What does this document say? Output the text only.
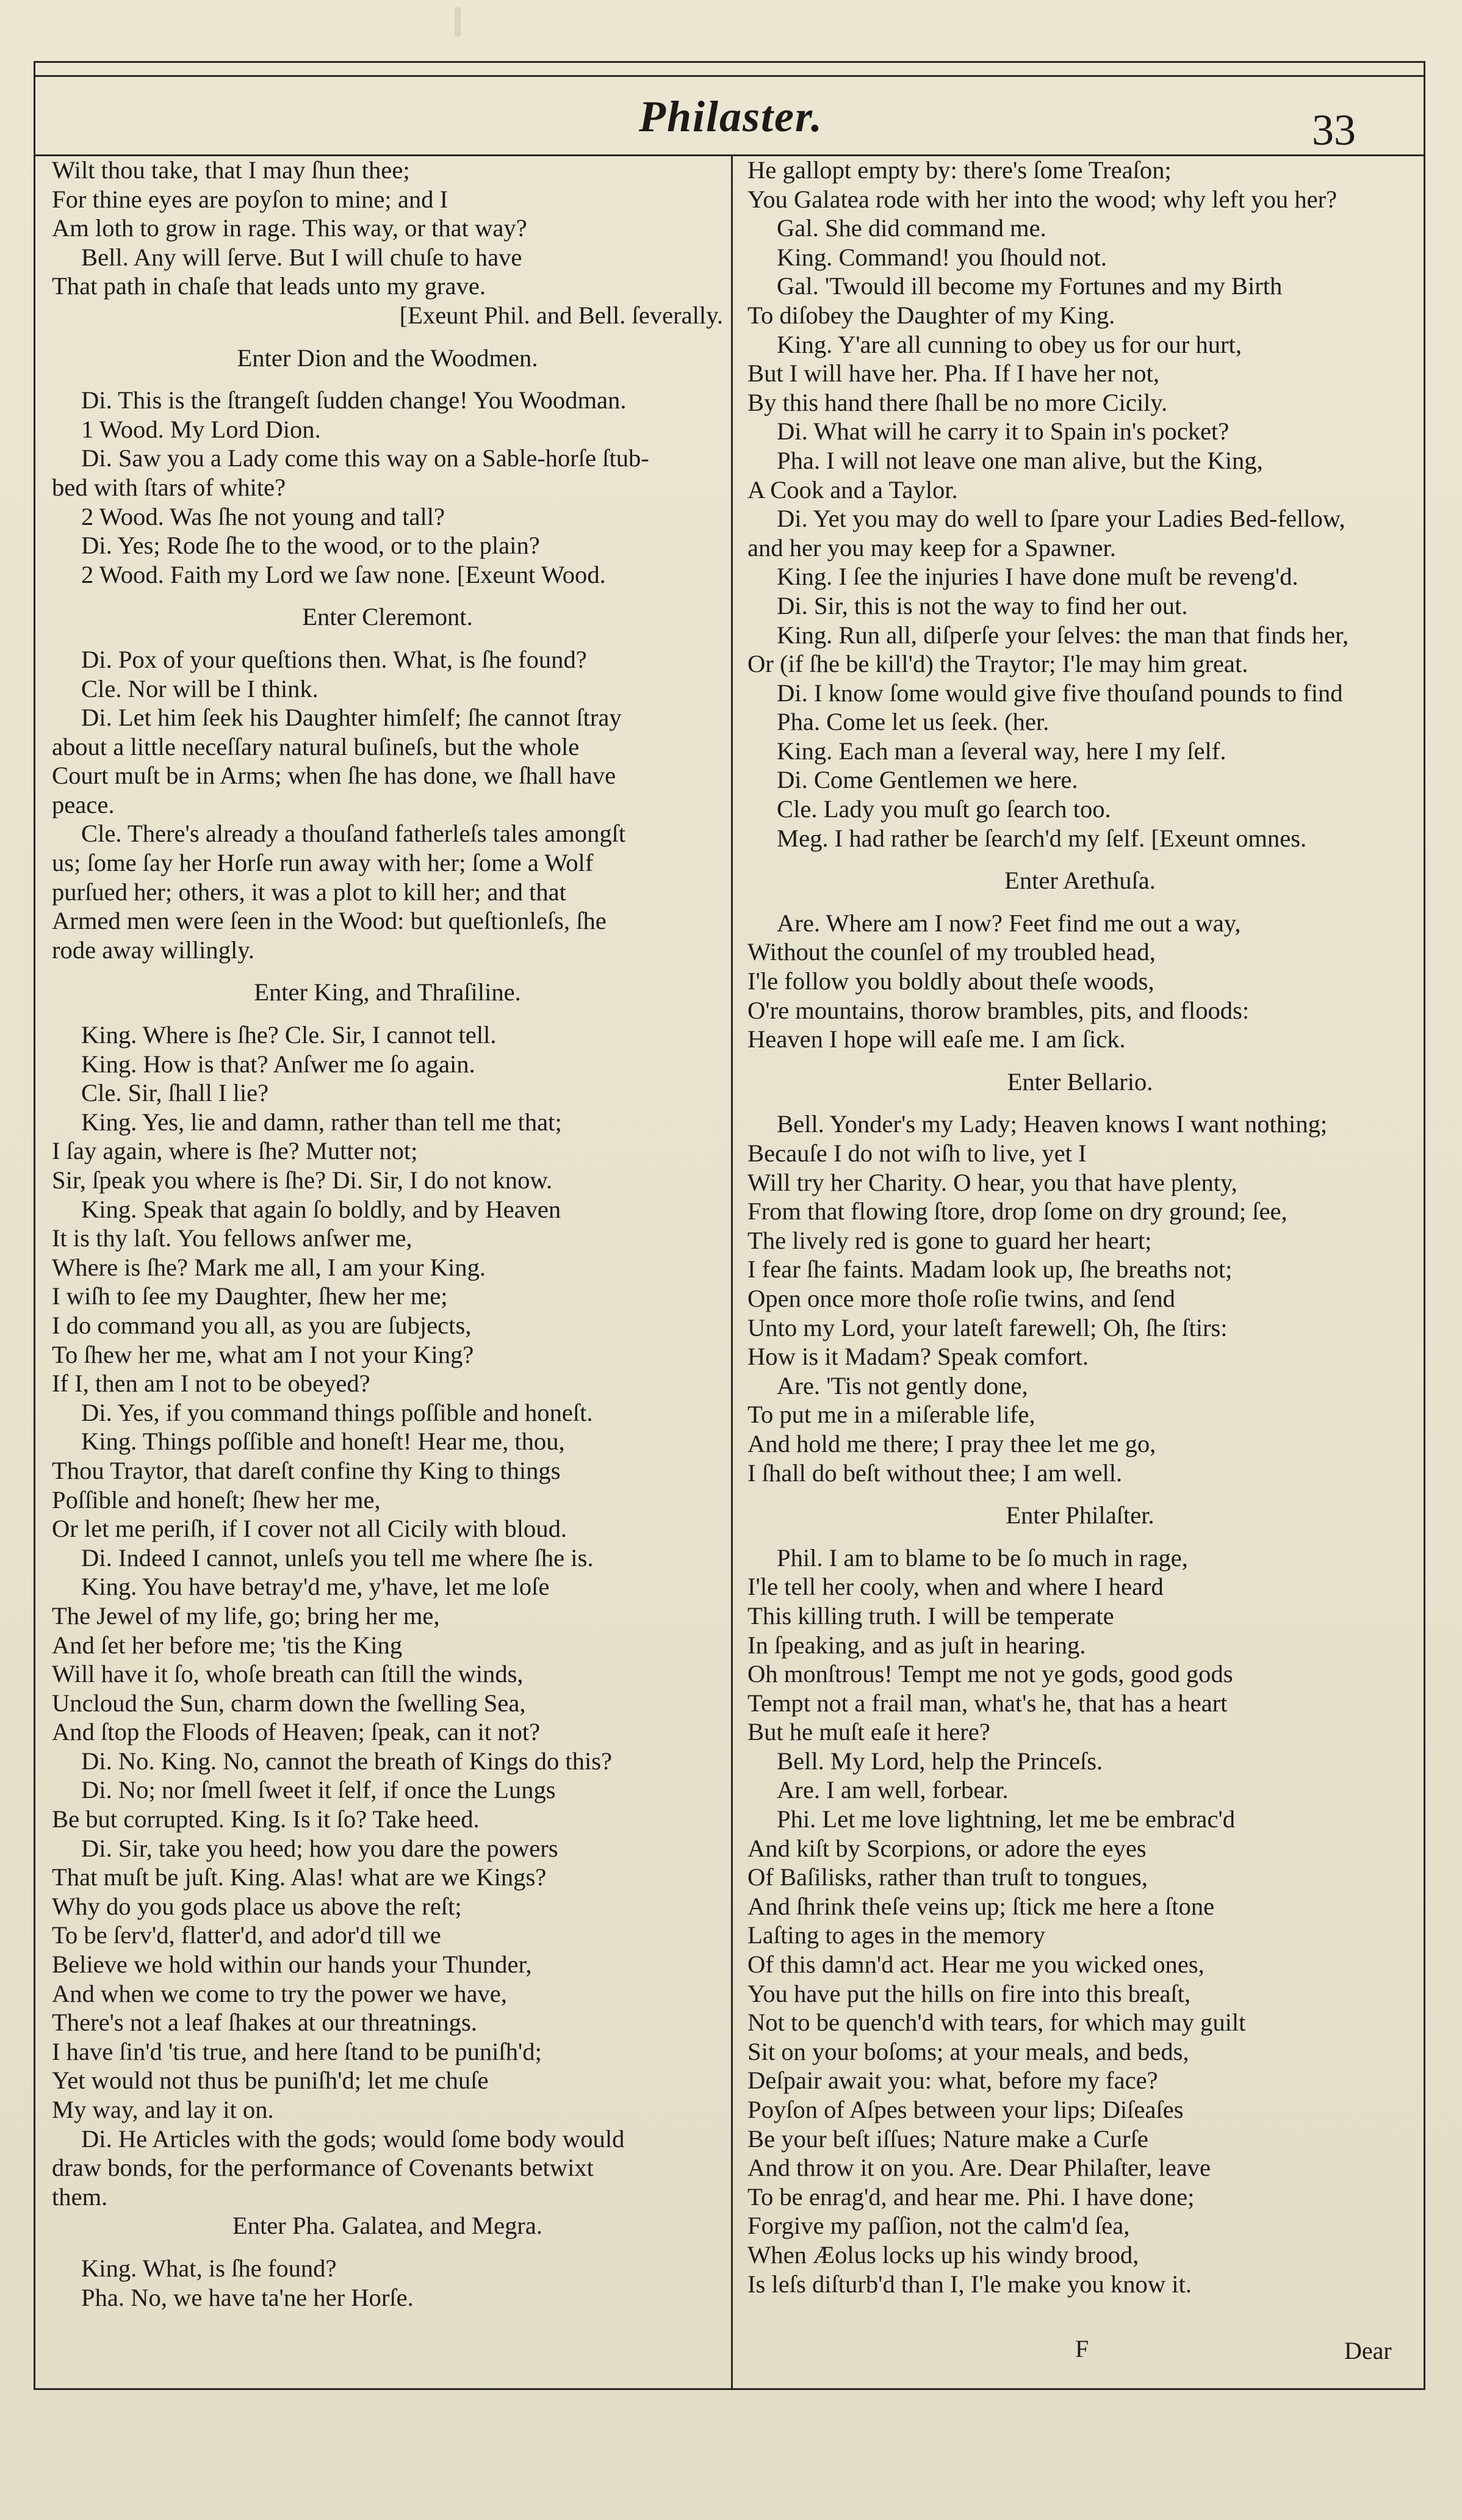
Philaster.	33
Wilt thou take, that I may ſhun thee;
For thine eyes are poyſon to mine; and I
Am loth to grow in rage. This way, or that way?
Bell. Any will ſerve. But I will chuſe to have
That path in chaſe that leads unto my grave.
[Exeunt Phil. and Bell. ſeverally.
Enter Dion and the Woodmen.
Di. This is the ſtrangeſt ſudden change! You Woodman.
1 Wood. My Lord Dion.
Di. Saw you a Lady come this way on a Sable-horſe ſtub-
bed with ſtars of white?
2 Wood. Was ſhe not young and tall?
Di. Yes; Rode ſhe to the wood, or to the plain?
2 Wood. Faith my Lord we ſaw none. [Exeunt Wood.
Enter Cleremont.
Di. Pox of your queſtions then. What, is ſhe found?
Cle. Nor will be I think.
Di. Let him ſeek his Daughter himſelf; ſhe cannot ſtray
about a little neceſſary natural buſineſs, but the whole
Court muſt be in Arms; when ſhe has done, we ſhall have
peace.
Cle. There's already a thouſand fatherleſs tales amongſt
us; ſome ſay her Horſe run away with her; ſome a Wolf
purſued her; others, it was a plot to kill her; and that
Armed men were ſeen in the Wood: but queſtionleſs, ſhe
rode away willingly.
Enter King, and Thraſiline.
King. Where is ſhe? Cle. Sir, I cannot tell.
King. How is that? Anſwer me ſo again.
Cle. Sir, ſhall I lie?
King. Yes, lie and damn, rather than tell me that;
I ſay again, where is ſhe? Mutter not;
Sir, ſpeak you where is ſhe? Di. Sir, I do not know.
King. Speak that again ſo boldly, and by Heaven
It is thy laſt. You fellows anſwer me,
Where is ſhe? Mark me all, I am your King.
I wiſh to ſee my Daughter, ſhew her me;
I do command you all, as you are ſubjects,
To ſhew her me, what am I not your King?
If I, then am I not to be obeyed?
Di. Yes, if you command things poſſible and honeſt.
King. Things poſſible and honeſt! Hear me, thou,
Thou Traytor, that dareſt confine thy King to things
Poſſible and honeſt; ſhew her me,
Or let me periſh, if I cover not all Cicily with bloud.
Di. Indeed I cannot, unleſs you tell me where ſhe is.
King. You have betray'd me, y'have, let me loſe
The Jewel of my life, go; bring her me,
And ſet her before me; 'tis the King
Will have it ſo, whoſe breath can ſtill the winds,
Uncloud the Sun, charm down the ſwelling Sea,
And ſtop the Floods of Heaven; ſpeak, can it not?
Di. No. King. No, cannot the breath of Kings do this?
Di. No; nor ſmell ſweet it ſelf, if once the Lungs
Be but corrupted. King. Is it ſo? Take heed.
Di. Sir, take you heed; how you dare the powers
That muſt be juſt. King. Alas! what are we Kings?
Why do you gods place us above the reſt;
To be ſerv'd, flatter'd, and ador'd till we
Believe we hold within our hands your Thunder,
And when we come to try the power we have,
There's not a leaf ſhakes at our threatnings.
I have ſin'd 'tis true, and here ſtand to be puniſh'd;
Yet would not thus be puniſh'd; let me chuſe
My way, and lay it on.
Di. He Articles with the gods; would ſome body would
draw bonds, for the performance of Covenants betwixt
them.
Enter Pha. Galatea, and Megra.
King. What, is ſhe found?
Pha. No, we have ta'ne her Horſe.
He gallopt empty by: there's ſome Treaſon;
You Galatea rode with her into the wood; why left you her?
Gal. She did command me.
King. Command! you ſhould not.
Gal. 'Twould ill become my Fortunes and my Birth
To diſobey the Daughter of my King.
King. Y'are all cunning to obey us for our hurt,
But I will have her. Pha. If I have her not,
By this hand there ſhall be no more Cicily.
Di. What will he carry it to Spain in's pocket?
Pha. I will not leave one man alive, but the King,
A Cook and a Taylor.
Di. Yet you may do well to ſpare your Ladies Bed-fellow,
and her you may keep for a Spawner.
King. I ſee the injuries I have done muſt be reveng'd.
Di. Sir, this is not the way to find her out.
King. Run all, diſperſe your ſelves: the man that finds her,
Or (if ſhe be kill'd) the Traytor; I'le may him great.
Di. I know ſome would give five thouſand pounds to find
Pha. Come let us ſeek. (her.
King. Each man a ſeveral way, here I my ſelf.
Di. Come Gentlemen we here.
Cle. Lady you muſt go ſearch too.
Meg. I had rather be ſearch'd my ſelf. [Exeunt omnes.
Enter Arethuſa.
Are. Where am I now? Feet find me out a way,
Without the counſel of my troubled head,
I'le follow you boldly about theſe woods,
O're mountains, thorow brambles, pits, and floods:
Heaven I hope will eaſe me. I am ſick.
Enter Bellario.
Bell. Yonder's my Lady; Heaven knows I want nothing;
Becauſe I do not wiſh to live, yet I
Will try her Charity. O hear, you that have plenty,
From that flowing ſtore, drop ſome on dry ground; ſee,
The lively red is gone to guard her heart;
I fear ſhe faints. Madam look up, ſhe breaths not;
Open once more thoſe roſie twins, and ſend
Unto my Lord, your lateſt farewell; Oh, ſhe ſtirs:
How is it Madam? Speak comfort.
Are. 'Tis not gently done,
To put me in a miſerable life,
And hold me there; I pray thee let me go,
I ſhall do beſt without thee; I am well.
Enter Philaſter.
Phil. I am to blame to be ſo much in rage,
I'le tell her cooly, when and where I heard
This killing truth. I will be temperate
In ſpeaking, and as juſt in hearing.
Oh monſtrous! Tempt me not ye gods, good gods
Tempt not a frail man, what's he, that has a heart
But he muſt eaſe it here?
Bell. My Lord, help the Princeſs.
Are. I am well, forbear.
Phi. Let me love lightning, let me be embrac'd
And kiſt by Scorpions, or adore the eyes
Of Baſilisks, rather than truſt to tongues,
And ſhrink theſe veins up; ſtick me here a ſtone
Laſting to ages in the memory
Of this damn'd act. Hear me you wicked ones,
You have put the hills on fire into this breaſt,
Not to be quench'd with tears, for which may guilt
Sit on your boſoms; at your meals, and beds,
Deſpair await you: what, before my face?
Poyſon of Aſpes between your lips; Diſeaſes
Be your beſt iſſues; Nature make a Curſe
And throw it on you. Are. Dear Philaſter, leave
To be enrag'd, and hear me. Phi. I have done;
Forgive my paſſion, not the calm'd ſea,
When Æolus locks up his windy brood,
Is leſs diſturb'd than I, I'le make you know it.
F	Dear
